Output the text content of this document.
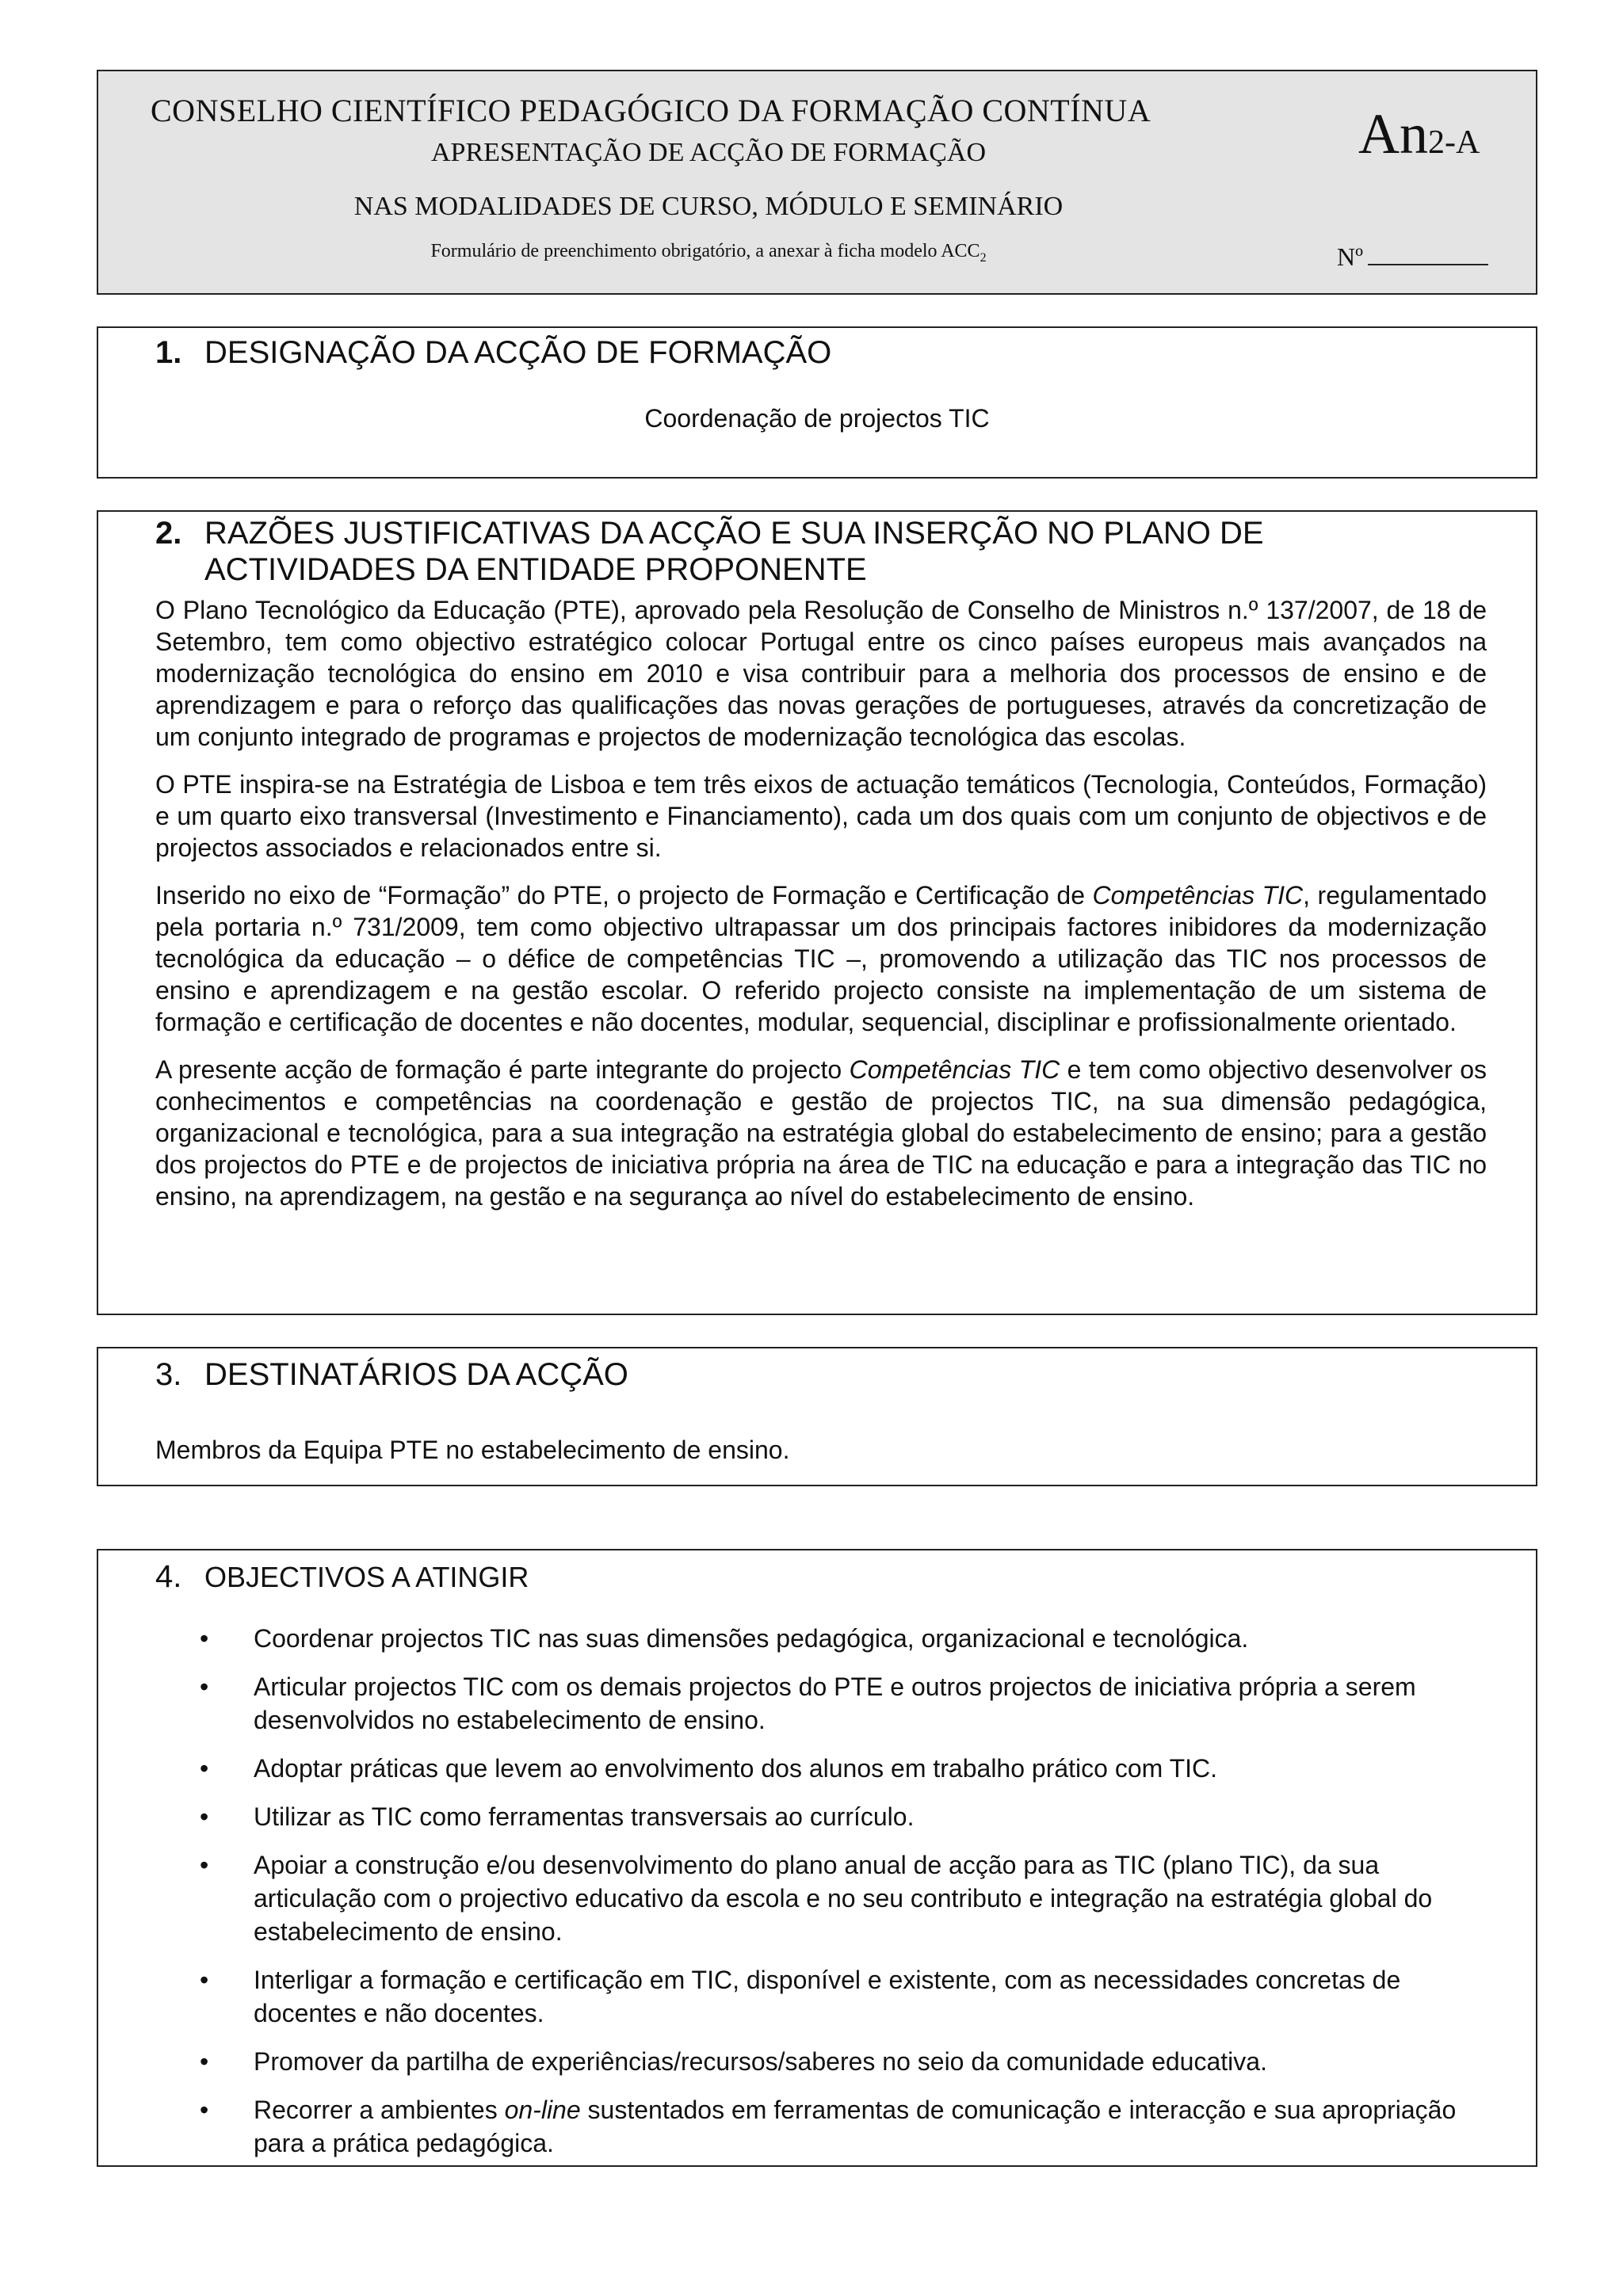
CONSELHO CIENTÍFICO PEDAGÓGICO DA FORMAÇÃO CONTÍNUA
APRESENTAÇÃO DE ACÇÃO DE FORMAÇÃO
NAS MODALIDADES DE CURSO, MÓDULO E SEMINÁRIO
Formulário de preenchimento obrigatório, a anexar à ficha modelo $ACC_2$
An2-A
Nº
1. DESIGNAÇÃO DA ACÇÃO DE FORMAÇÃO
Coordenação de projectos TIC
2. RAZÕES JUSTIFICATIVAS DA ACÇÃO E SUA INSERÇÃO NO PLANO DE
ACTIVIDADES DA ENTIDADE PROPONENTE

O Plano Tecnológico da Educação (PTE), aprovado pela Resolução de Conselho de Ministros n.º 137/2007, de 18 de Setembro, tem como objectivo estratégico colocar Portugal entre os cinco países europeus mais avançados na modernização tecnológica do ensino em 2010 e visa contribuir para a melhoria dos processos de ensino e de aprendizagem e para o reforço das qualificações das novas gerações de portugueses, através da concretização de um conjunto integrado de programas e projectos de modernização tecnológica das escolas.

O PTE inspira-se na Estratégia de Lisboa e tem três eixos de actuação temáticos (Tecnologia, Conteúdos, Formação) e um quarto eixo transversal (Investimento e Financiamento), cada um dos quais com um conjunto de objectivos e de projectos associados e relacionados entre si.

Inserido no eixo de “Formação” do PTE, o projecto de Formação e Certificação de Competências TIC, regulamentado pela portaria n.º 731/2009, tem como objectivo ultrapassar um dos principais factores inibidores da modernização tecnológica da educação – o défice de competências TIC –, promovendo a utilização das TIC nos processos de ensino e aprendizagem e na gestão escolar. O referido projecto consiste na implementação de um sistema de formação e certificação de docentes e não docentes, modular, sequencial, disciplinar e profissionalmente orientado.

A presente acção de formação é parte integrante do projecto Competências TIC e tem como objectivo desenvolver os conhecimentos e competências na coordenação e gestão de projectos TIC, na sua dimensão pedagógica, organizacional e tecnológica, para a sua integração na estratégia global do estabelecimento de ensino; para a gestão dos projectos do PTE e de projectos de iniciativa própria na área de TIC na educação e para a integração das TIC no ensino, na aprendizagem, na gestão e na segurança ao nível do estabelecimento de ensino.

3. DESTINATÁRIOS DA ACÇÃO
Membros da Equipa PTE no estabelecimento de ensino.
4. OBJECTIVOS A ATINGIR
• Coordenar projectos TIC nas suas dimensões pedagógica, organizacional e tecnológica.
• Articular projectos TIC com os demais projectos do PTE e outros projectos de iniciativa própria a serem desenvolvidos no estabelecimento de ensino.
• Adoptar práticas que levem ao envolvimento dos alunos em trabalho prático com TIC.
• Utilizar as TIC como ferramentas transversais ao currículo.
• Apoiar a construção e/ou desenvolvimento do plano anual de acção para as TIC (plano TIC), da sua articulação com o projectivo educativo da escola e no seu contributo e integração na estratégia global do estabelecimento de ensino.
• Interligar a formação e certificação em TIC, disponível e existente, com as necessidades concretas de docentes e não docentes.
• Promover da partilha de experiências/recursos/saberes no seio da comunidade educativa.
• Recorrer a ambientes on-line sustentados em ferramentas de comunicação e interacção e sua apropriação para a prática pedagógica.
